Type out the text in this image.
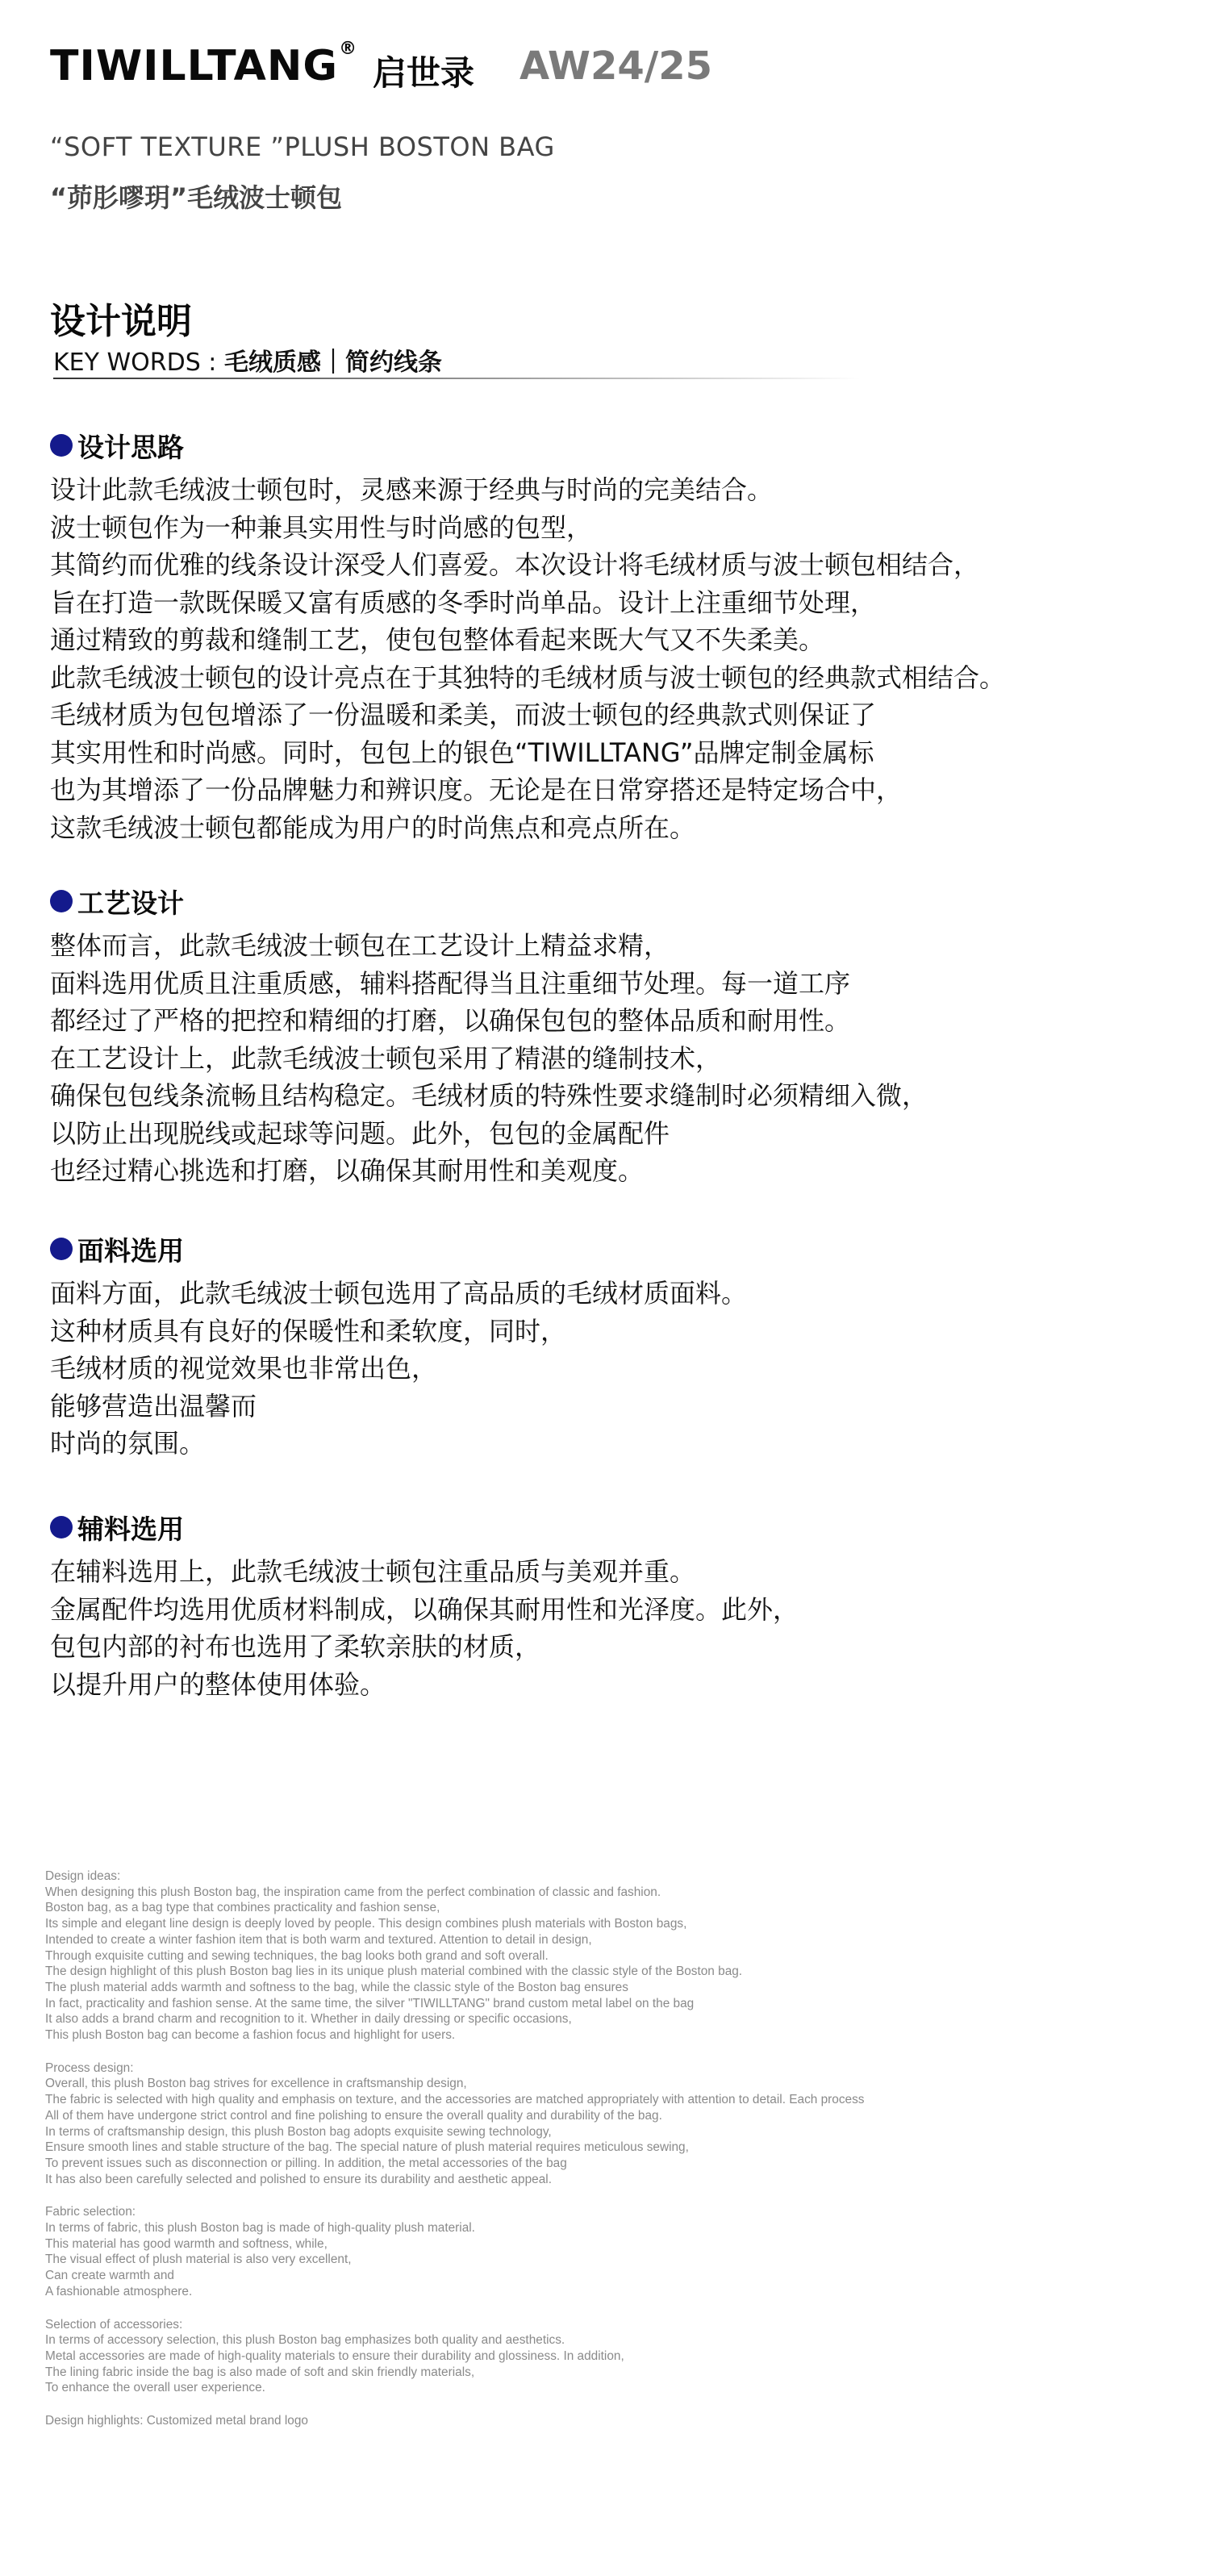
TIWILLTANG®
启世录 AW24/25
“SOFT TEXTURE ”PLUSH BOSTON BAG
“茆肜嘐玥”毛绒波士顿包
设计说明
KEY WORDS : 毛绒质感｜简约线条
设计思路
设计此款毛绒波士顿包时，灵感来源于经典与时尚的完美结合。
波士顿包作为一种兼具实用性与时尚感的包型，
其简约而优雅的线条设计深受人们喜爱。本次设计将毛绒材质与波士顿包相结合，
旨在打造一款既保暖又富有质感的冬季时尚单品。设计上注重细节处理，
通过精致的剪裁和缝制工艺，使包包整体看起来既大气又不失柔美。
此款毛绒波士顿包的设计亮点在于其独特的毛绒材质与波士顿包的经典款式相结合。
毛绒材质为包包增添了一份温暖和柔美，而波士顿包的经典款式则保证了
其实用性和时尚感。同时，包包上的银色“TIWILLTANG”品牌定制金属标
也为其增添了一份品牌魅力和辨识度。无论是在日常穿搭还是特定场合中，
这款毛绒波士顿包都能成为用户的时尚焦点和亮点所在。
工艺设计
整体而言，此款毛绒波士顿包在工艺设计上精益求精，
面料选用优质且注重质感，辅料搭配得当且注重细节处理。每一道工序
都经过了严格的把控和精细的打磨，以确保包包的整体品质和耐用性。
在工艺设计上，此款毛绒波士顿包采用了精湛的缝制技术，
确保包包线条流畅且结构稳定。毛绒材质的特殊性要求缝制时必须精细入微，
以防止出现脱线或起球等问题。此外，包包的金属配件
也经过精心挑选和打磨，以确保其耐用性和美观度。
面料选用
面料方面，此款毛绒波士顿包选用了高品质的毛绒材质面料。
这种材质具有良好的保暖性和柔软度，同时，
毛绒材质的视觉效果也非常出色，
能够营造出温馨而
时尚的氛围。
辅料选用
在辅料选用上，此款毛绒波士顿包注重品质与美观并重。
金属配件均选用优质材料制成，以确保其耐用性和光泽度。此外，
包包内部的衬布也选用了柔软亲肤的材质，
以提升用户的整体使用体验。
Design ideas:
When designing this plush Boston bag, the inspiration came from the perfect combination of classic and fashion.
Boston bag, as a bag type that combines practicality and fashion sense,
Its simple and elegant line design is deeply loved by people. This design combines plush materials with Boston bags,
Intended to create a winter fashion item that is both warm and textured. Attention to detail in design,
Through exquisite cutting and sewing techniques, the bag looks both grand and soft overall.
The design highlight of this plush Boston bag lies in its unique plush material combined with the classic style of the Boston bag.
The plush material adds warmth and softness to the bag, while the classic style of the Boston bag ensures
In fact, practicality and fashion sense. At the same time, the silver "TIWILLTANG" brand custom metal label on the bag
It also adds a brand charm and recognition to it. Whether in daily dressing or specific occasions,
This plush Boston bag can become a fashion focus and highlight for users.
Process design:
Overall, this plush Boston bag strives for excellence in craftsmanship design,
The fabric is selected with high quality and emphasis on texture, and the accessories are matched appropriately with attention to detail. Each process
All of them have undergone strict control and fine polishing to ensure the overall quality and durability of the bag.
In terms of craftsmanship design, this plush Boston bag adopts exquisite sewing technology,
Ensure smooth lines and stable structure of the bag. The special nature of plush material requires meticulous sewing,
To prevent issues such as disconnection or pilling. In addition, the metal accessories of the bag
It has also been carefully selected and polished to ensure its durability and aesthetic appeal.
Fabric selection:
In terms of fabric, this plush Boston bag is made of high-quality plush material.
This material has good warmth and softness, while,
The visual effect of plush material is also very excellent,
Can create warmth and
A fashionable atmosphere.
Selection of accessories:
In terms of accessory selection, this plush Boston bag emphasizes both quality and aesthetics.
Metal accessories are made of high-quality materials to ensure their durability and glossiness. In addition,
The lining fabric inside the bag is also made of soft and skin friendly materials,
To enhance the overall user experience.
Design highlights: Customized metal brand logo
